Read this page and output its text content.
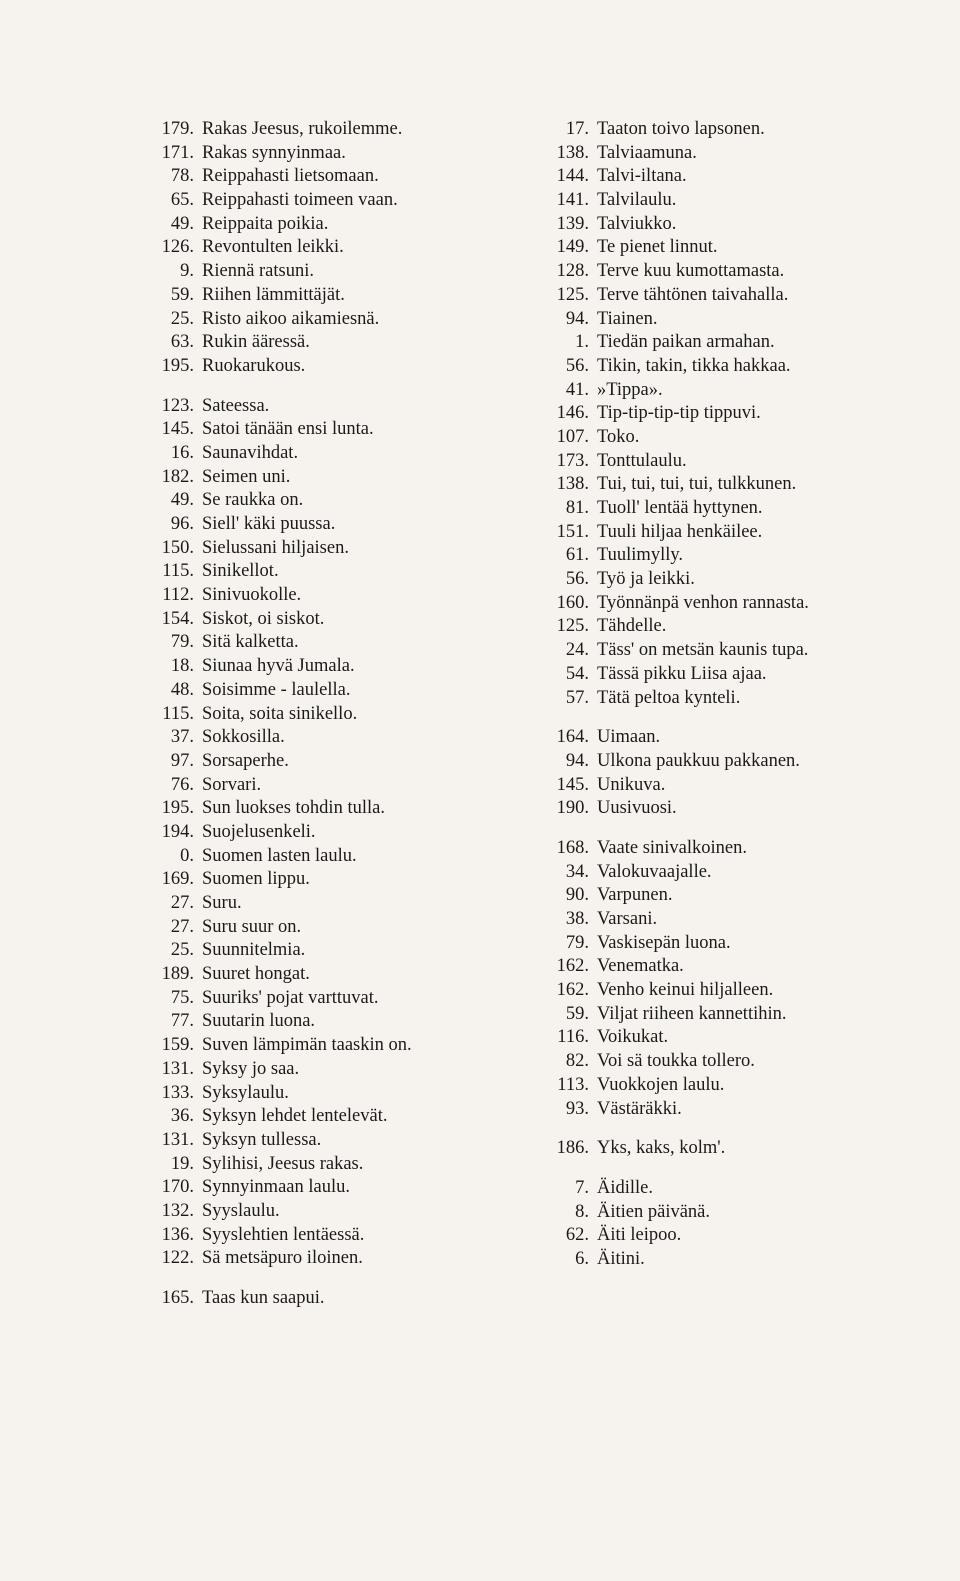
179. Rakas Jeesus, rukoilemme.
171. Rakas synnyinmaa.
78. Reippahasti lietsomaan.
65. Reippahasti toimeen vaan.
49. Reippaita poikia.
126. Revontulten leikki.
9. Riennä ratsuni.
59. Riihen lämmittäjät.
25. Risto aikoo aikamiesnä.
63. Rukin ääressä.
195. Ruokarukous.
123. Sateessa.
145. Satoi tänään ensi lunta.
16. Saunavihdat.
182. Seimen uni.
49. Se raukka on.
96. Siell' käki puussa.
150. Sielussani hiljaisen.
115. Sinikellot.
112. Sinivuokolle.
154. Siskot, oi siskot.
79. Sitä kalketta.
18. Siunaa hyvä Jumala.
48. Soisimme - laulella.
115. Soita, soita sinikello.
37. Sokkosilla.
97. Sorsaperhe.
76. Sorvari.
195. Sun luokses tohdin tulla.
194. Suojelusenkeli.
0. Suomen lasten laulu.
169. Suomen lippu.
27. Suru.
27. Suru suur on.
25. Suunnitelmia.
189. Suuret hongat.
75. Suuriks' pojat varttuvat.
77. Suutarin luona.
159. Suven lämpimän taaskin on.
131. Syksy jo saa.
133. Syksylaulu.
36. Syksyn lehdet lentelevät.
131. Syksyn tullessa.
19. Sylihisi, Jeesus rakas.
170. Synnyinmaan laulu.
132. Syyslaulu.
136. Syyslehtien lentäessä.
122. Sä metsäpuro iloinen.
165. Taas kun saapui.
17. Taaton toivo lapsonen.
138. Talviaamuna.
144. Talvi-iltana.
141. Talvilaulu.
139. Talviukko.
149. Te pienet linnut.
128. Terve kuu kumottamasta.
125. Terve tähtönen taivahalla.
94. Tiainen.
1. Tiedän paikan armahan.
56. Tikin, takin, tikka hakkaa.
41. »Tippa».
146. Tip-tip-tip-tip tippuvi.
107. Toko.
173. Tonttulaulu.
138. Tui, tui, tui, tui, tulkkunen.
81. Tuoll' lentää hyttynen.
151. Tuuli hiljaa henkäilee.
61. Tuulimylly.
56. Työ ja leikki.
160. Työnnänpä venhon rannasta.
125. Tähdelle.
24. Täss' on metsän kaunis tupa.
54. Tässä pikku Liisa ajaa.
57. Tätä peltoa kynteli.
164. Uimaan.
94. Ulkona paukkuu pakkanen.
145. Unikuva.
190. Uusivuosi.
168. Vaate sinivalkoinen.
34. Valokuvaajalle.
90. Varpunen.
38. Varsani.
79. Vaskisepän luona.
162. Venematka.
162. Venho keinui hiljalleen.
59. Viljat riiheen kannettihin.
116. Voikukat.
82. Voi sä toukka tollero.
113. Vuokkojen laulu.
93. Västäräkki.
186. Yks, kaks, kolm'.
7. Äidille.
8. Äitien päivänä.
62. Äiti leipoo.
6. Äitini.
